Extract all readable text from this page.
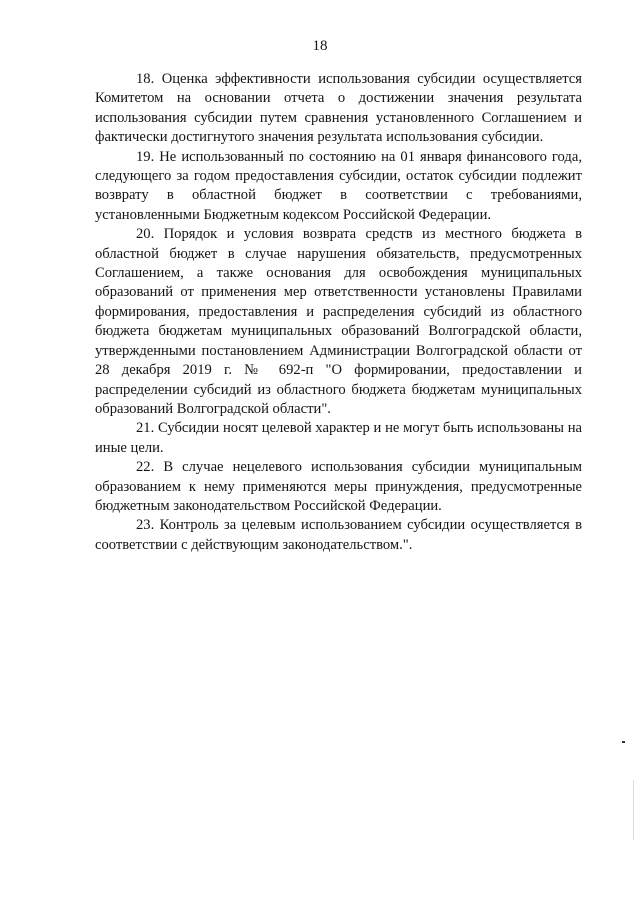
18

18. Оценка эффективности использования субсидии осуществляется Комитетом на основании отчета о достижении значения результата использования субсидии путем сравнения установленного Соглашением и фактически достигнутого значения результата использования субсидии.

19. Не использованный по состоянию на 01 января финансового года, следующего за годом предоставления субсидии, остаток субсидии подлежит возврату в областной бюджет в соответствии с требованиями, установленными Бюджетным кодексом Российской Федерации.

20. Порядок и условия возврата средств из местного бюджета в областной бюджет в случае нарушения обязательств, предусмотренных Соглашением, а также основания для освобождения муниципальных образований от применения мер ответственности установлены Правилами формирования, предоставления и распределения субсидий из областного бюджета бюджетам муниципальных образований Волгоградской области, утвержденными постановлением Администрации Волгоградской области от 28 декабря 2019 г. № 692-п "О формировании, предоставлении и распределении субсидий из областного бюджета бюджетам муниципальных образований Волгоградской области".

21. Субсидии носят целевой характер и не могут быть использованы на иные цели.

22. В случае нецелевого использования субсидии муниципальным образованием к нему применяются меры принуждения, предусмотренные бюджетным законодательством Российской Федерации.

23. Контроль за целевым использованием субсидии осуществляется в соответствии с действующим законодательством.".
